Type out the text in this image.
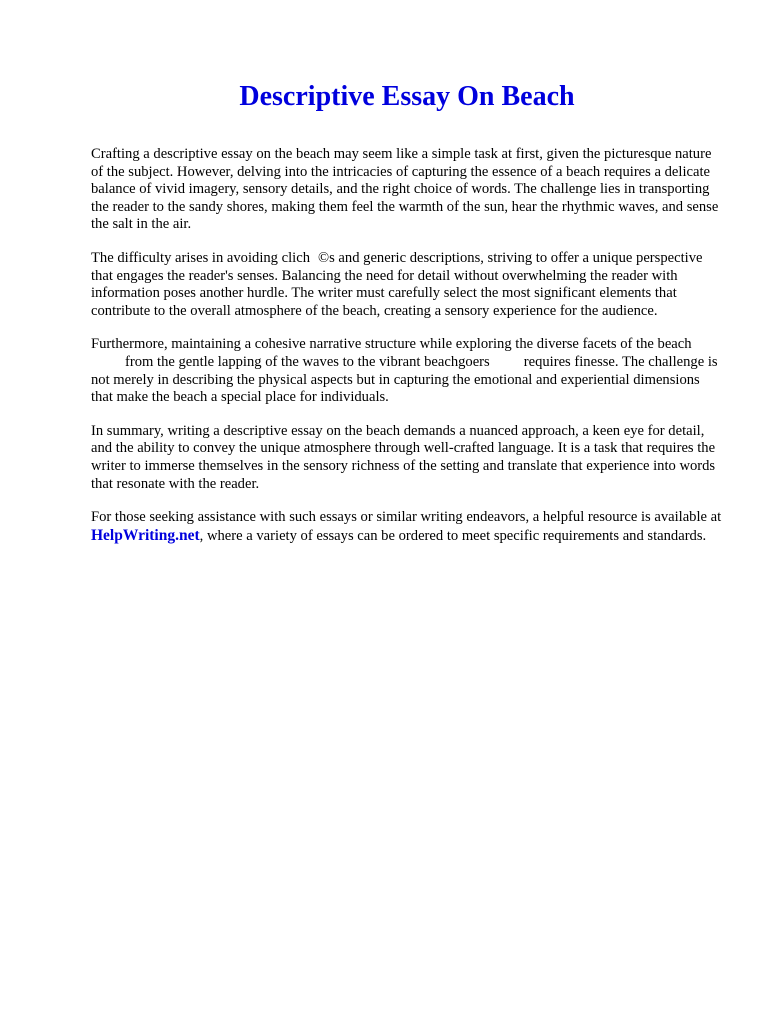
Descriptive Essay On Beach

Crafting a descriptive essay on the beach may seem like a simple task at first, given the picturesque nature of the subject. However, delving into the intricacies of capturing the essence of a beach requires a delicate balance of vivid imagery, sensory details, and the right choice of words. The challenge lies in transporting the reader to the sandy shores, making them feel the warmth of the sun, hear the rhythmic waves, and sense the salt in the air.

The difficulty arises in avoiding clich ©s and generic descriptions, striving to offer a unique perspective that engages the reader's senses. Balancing the need for detail without overwhelming the reader with information poses another hurdle. The writer must carefully select the most significant elements that contribute to the overall atmosphere of the beach, creating a sensory experience for the audience.

Furthermore, maintaining a cohesive narrative structure while exploring the diverse facets of the beachfrom the gentle lapping of the waves to the vibrant beachgoers requires finesse. The challenge is not merely in describing the physical aspects but in capturing the emotional and experiential dimensions that make the beach a special place for individuals.

In summary, writing a descriptive essay on the beach demands a nuanced approach, a keen eye for detail, and the ability to convey the unique atmosphere through well-crafted language. It is a task that requires the writer to immerse themselves in the sensory richness of the setting and translate that experience into words that resonate with the reader.

For those seeking assistance with such essays or similar writing endeavors, a helpful resource is available at HelpWriting.net, where a variety of essays can be ordered to meet specific requirements and standards.
